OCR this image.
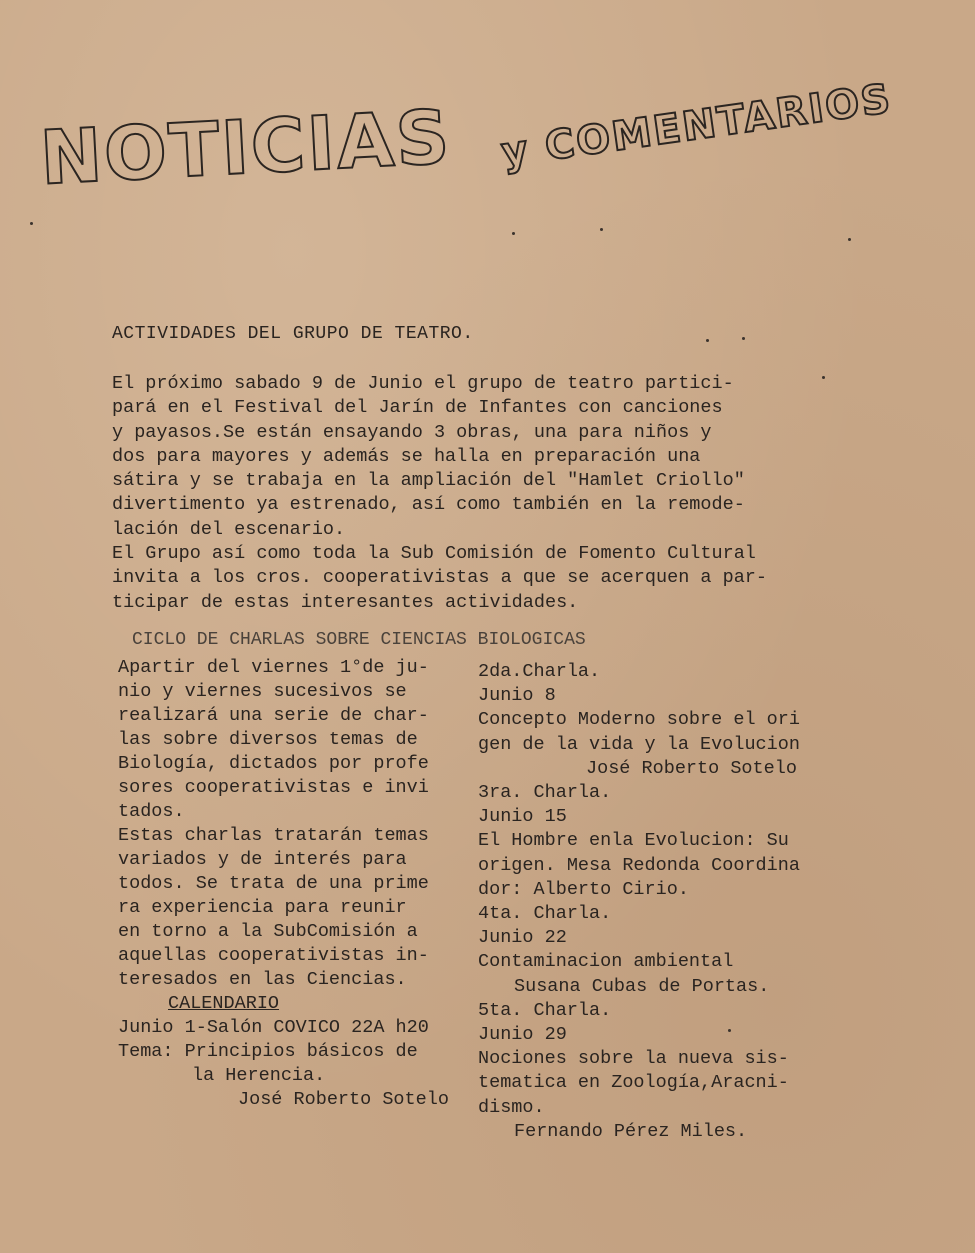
NOTICIAS y COMENTARIOS
ACTIVIDADES DEL GRUPO DE TEATRO.
El próximo sabado 9 de Junio el grupo de teatro partici-
pará en el Festival del Jarín de Infantes con canciones
y payasos.Se están ensayando 3 obras, una para niños y
dos para mayores y además se halla en preparación una
sátira y se trabaja en la ampliación del "Hamlet Criollo"
divertimento ya estrenado, así como también en la remode-
lación del escenario.
El Grupo así como toda la Sub Comisión de Fomento Cultural
invita a los cros. cooperativistas a que se acerquen a par-
ticipar de estas interesantes actividades.
CICLO DE CHARLAS SOBRE CIENCIAS BIOLOGICAS
Apartir del viernes 1°de ju-
nio y viernes sucesivos se
realizará una serie de char-
las sobre diversos temas de
Biología, dictados por profe
sores cooperativistas e invi
tados.
Estas charlas tratarán temas
variados y de interés para
todos. Se trata de una prime
ra experiencia para reunir
en torno a la SubComisión a
aquellas cooperativistas in-
teresados en las Ciencias.
CALENDARIO
Junio 1-Salón COVICO 22A h20
Tema: Principios básicos de
la Herencia.
José Roberto Sotelo
2da.Charla.
Junio 8
Concepto Moderno sobre el ori
gen de la vida y la Evolucion
José Roberto Sotelo
3ra. Charla.
Junio 15
El Hombre enla Evolucion: Su
origen. Mesa Redonda Coordina
dor: Alberto Cirio.
4ta. Charla.
Junio 22
Contaminacion ambiental
Susana Cubas de Portas.
5ta. Charla.
Junio 29
Nociones sobre la nueva sis-
tematica en Zoología,Aracni-
dismo.
Fernando Pérez Miles.
